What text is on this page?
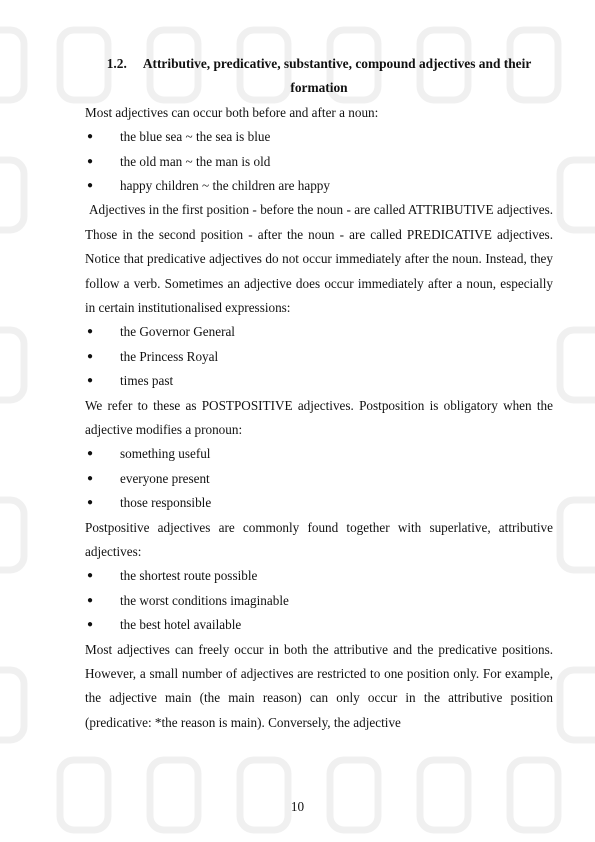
1.2. Attributive, predicative, substantive, compound adjectives and their
formation

Most adjectives can occur both before and after a noun:

● the blue sea ~ the sea is blue
● the old man ~ the man is old
● happy children ~ the children are happy

Adjectives in the first position - before the noun - are called ATTRIBUTIVE adjectives. Those in the second position - after the noun - are called PREDICATIVE adjectives. Notice that predicative adjectives do not occur immediately after the noun. Instead, they follow a verb. Sometimes an adjective does occur immediately after a noun, especially in certain institutionalised expressions:

● the Governor General
● the Princess Royal
● times past

We refer to these as POSTPOSITIVE adjectives. Postposition is obligatory when the adjective modifies a pronoun:

● something useful
● everyone present
● those responsible

Postpositive adjectives are commonly found together with superlative, attributive adjectives:

● the shortest route possible
● the worst conditions imaginable
● the best hotel available

Most adjectives can freely occur in both the attributive and the predicative positions. However, a small number of adjectives are restricted to one position only. For example, the adjective main (the main reason) can only occur in the attributive position (predicative: *the reason is main). Conversely, the adjective

10
